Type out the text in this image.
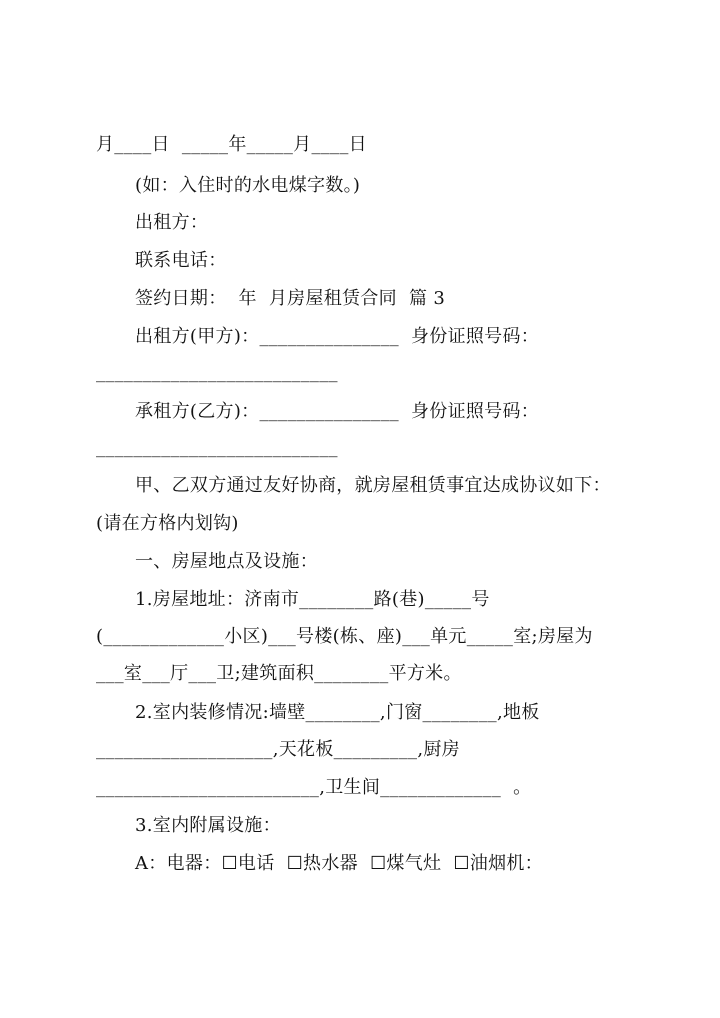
月____日  _____年_____月____日
(如：入住时的水电煤字数。)
出租方：
联系电话：
签约日期：  年  月房屋租赁合同  篇 3
出租方(甲方)：_______________  身份证照号码：
__________________________
承租方(乙方)：_______________  身份证照号码：
__________________________
甲、乙双方通过友好协商，就房屋租赁事宜达成协议如下：
(请在方格内划钩)
一、房屋地点及设施：
1.房屋地址：济南市________路(巷)_____号
(_____________小区)___号楼(栋、座)___单元_____室;房屋为
___室___厅___卫;建筑面积________平方米。
2.室内装修情况:墙壁________,门窗________,地板
___________________,天花板_________,厨房
________________________,卫生间_____________  。
3.室内附属设施：
A：电器：☐电话  ☐热水器  ☐煤气灶  ☐油烟机：
